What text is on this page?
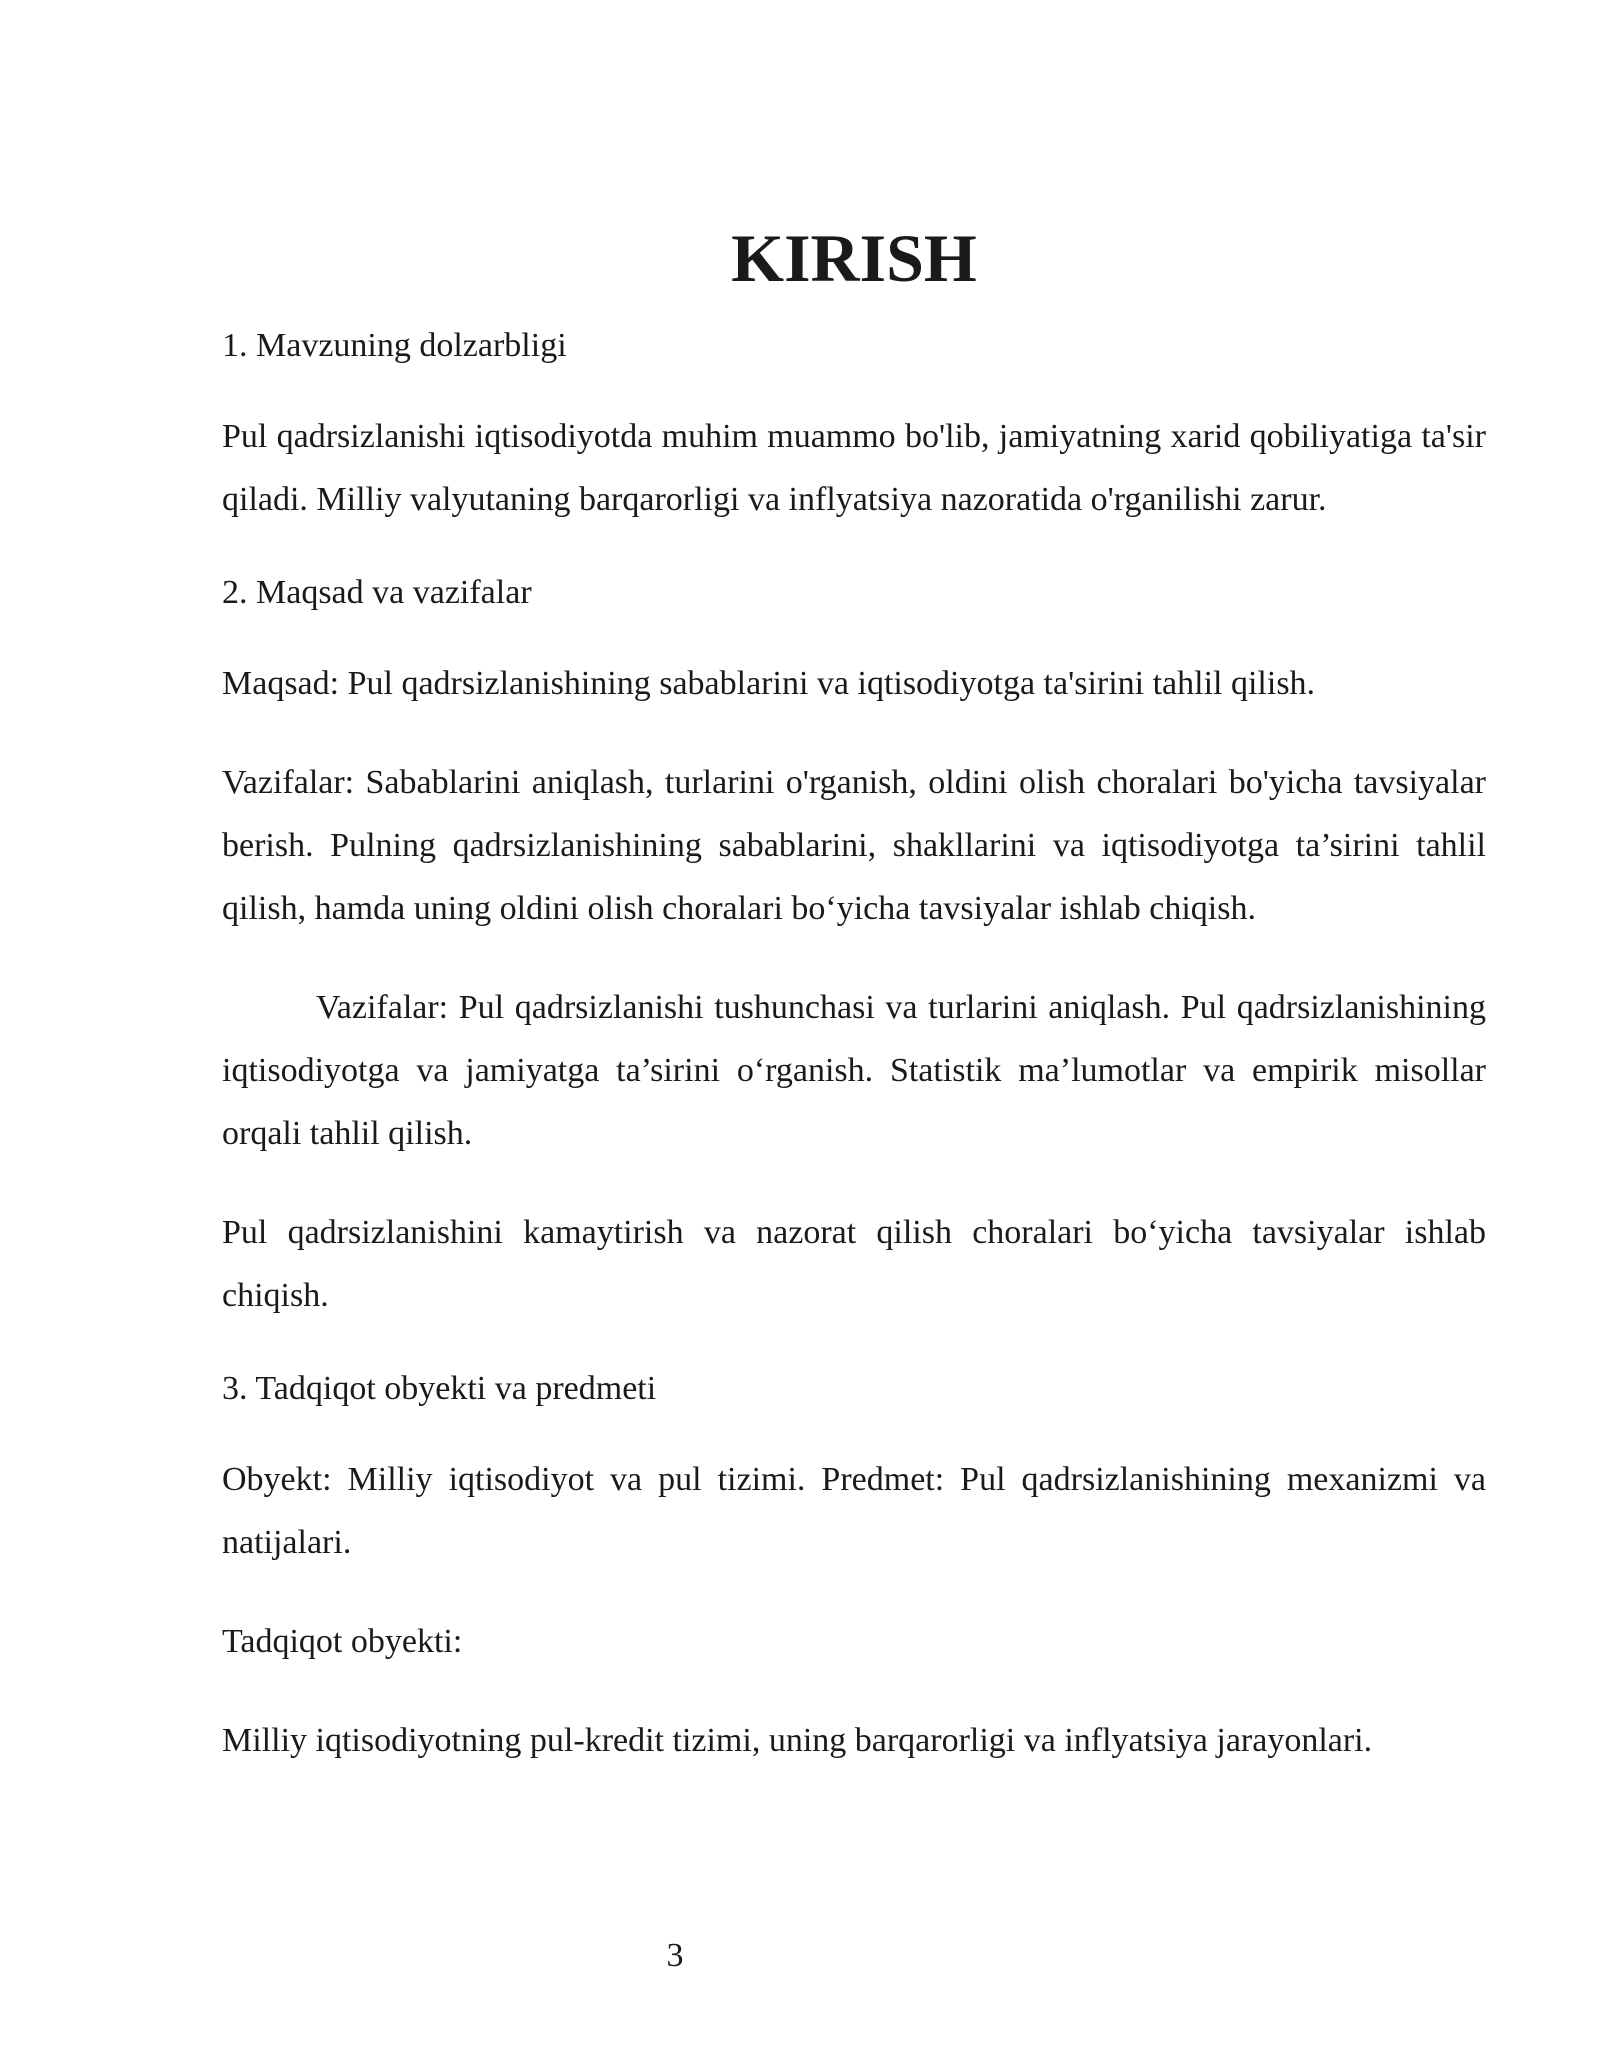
KIRISH
1. Mavzuning dolzarbligi

Pul qadrsizlanishi iqtisodiyotda muhim muammo bo'lib, jamiyatning xarid qobiliyatiga ta'sir qiladi. Milliy valyutaning barqarorligi va inflyatsiya nazoratida o'rganilishi zarur.

2. Maqsad va vazifalar

Maqsad: Pul qadrsizlanishining sabablarini va iqtisodiyotga ta'sirini tahlil qilish.

Vazifalar: Sabablarini aniqlash, turlarini o'rganish, oldini olish choralari bo'yicha tavsiyalar berish. Pulning qadrsizlanishining sabablarini, shakllarini va iqtisodiyotga ta’sirini tahlil qilish, hamda uning oldini olish choralari bo‘yicha tavsiyalar ishlab chiqish.

Vazifalar: Pul qadrsizlanishi tushunchasi va turlarini aniqlash. Pul qadrsizlanishining iqtisodiyotga va jamiyatga ta’sirini o‘rganish. Statistik ma’lumotlar va empirik misollar orqali tahlil qilish.

Pul qadrsizlanishini kamaytirish va nazorat qilish choralari bo‘yicha tavsiyalar ishlab chiqish.

3. Tadqiqot obyekti va predmeti

Obyekt: Milliy iqtisodiyot va pul tizimi. Predmet: Pul qadrsizlanishining mexanizmi va natijalari.

Tadqiqot obyekti:

Milliy iqtisodiyotning pul-kredit tizimi, uning barqarorligi va inflyatsiya jarayonlari.

3
